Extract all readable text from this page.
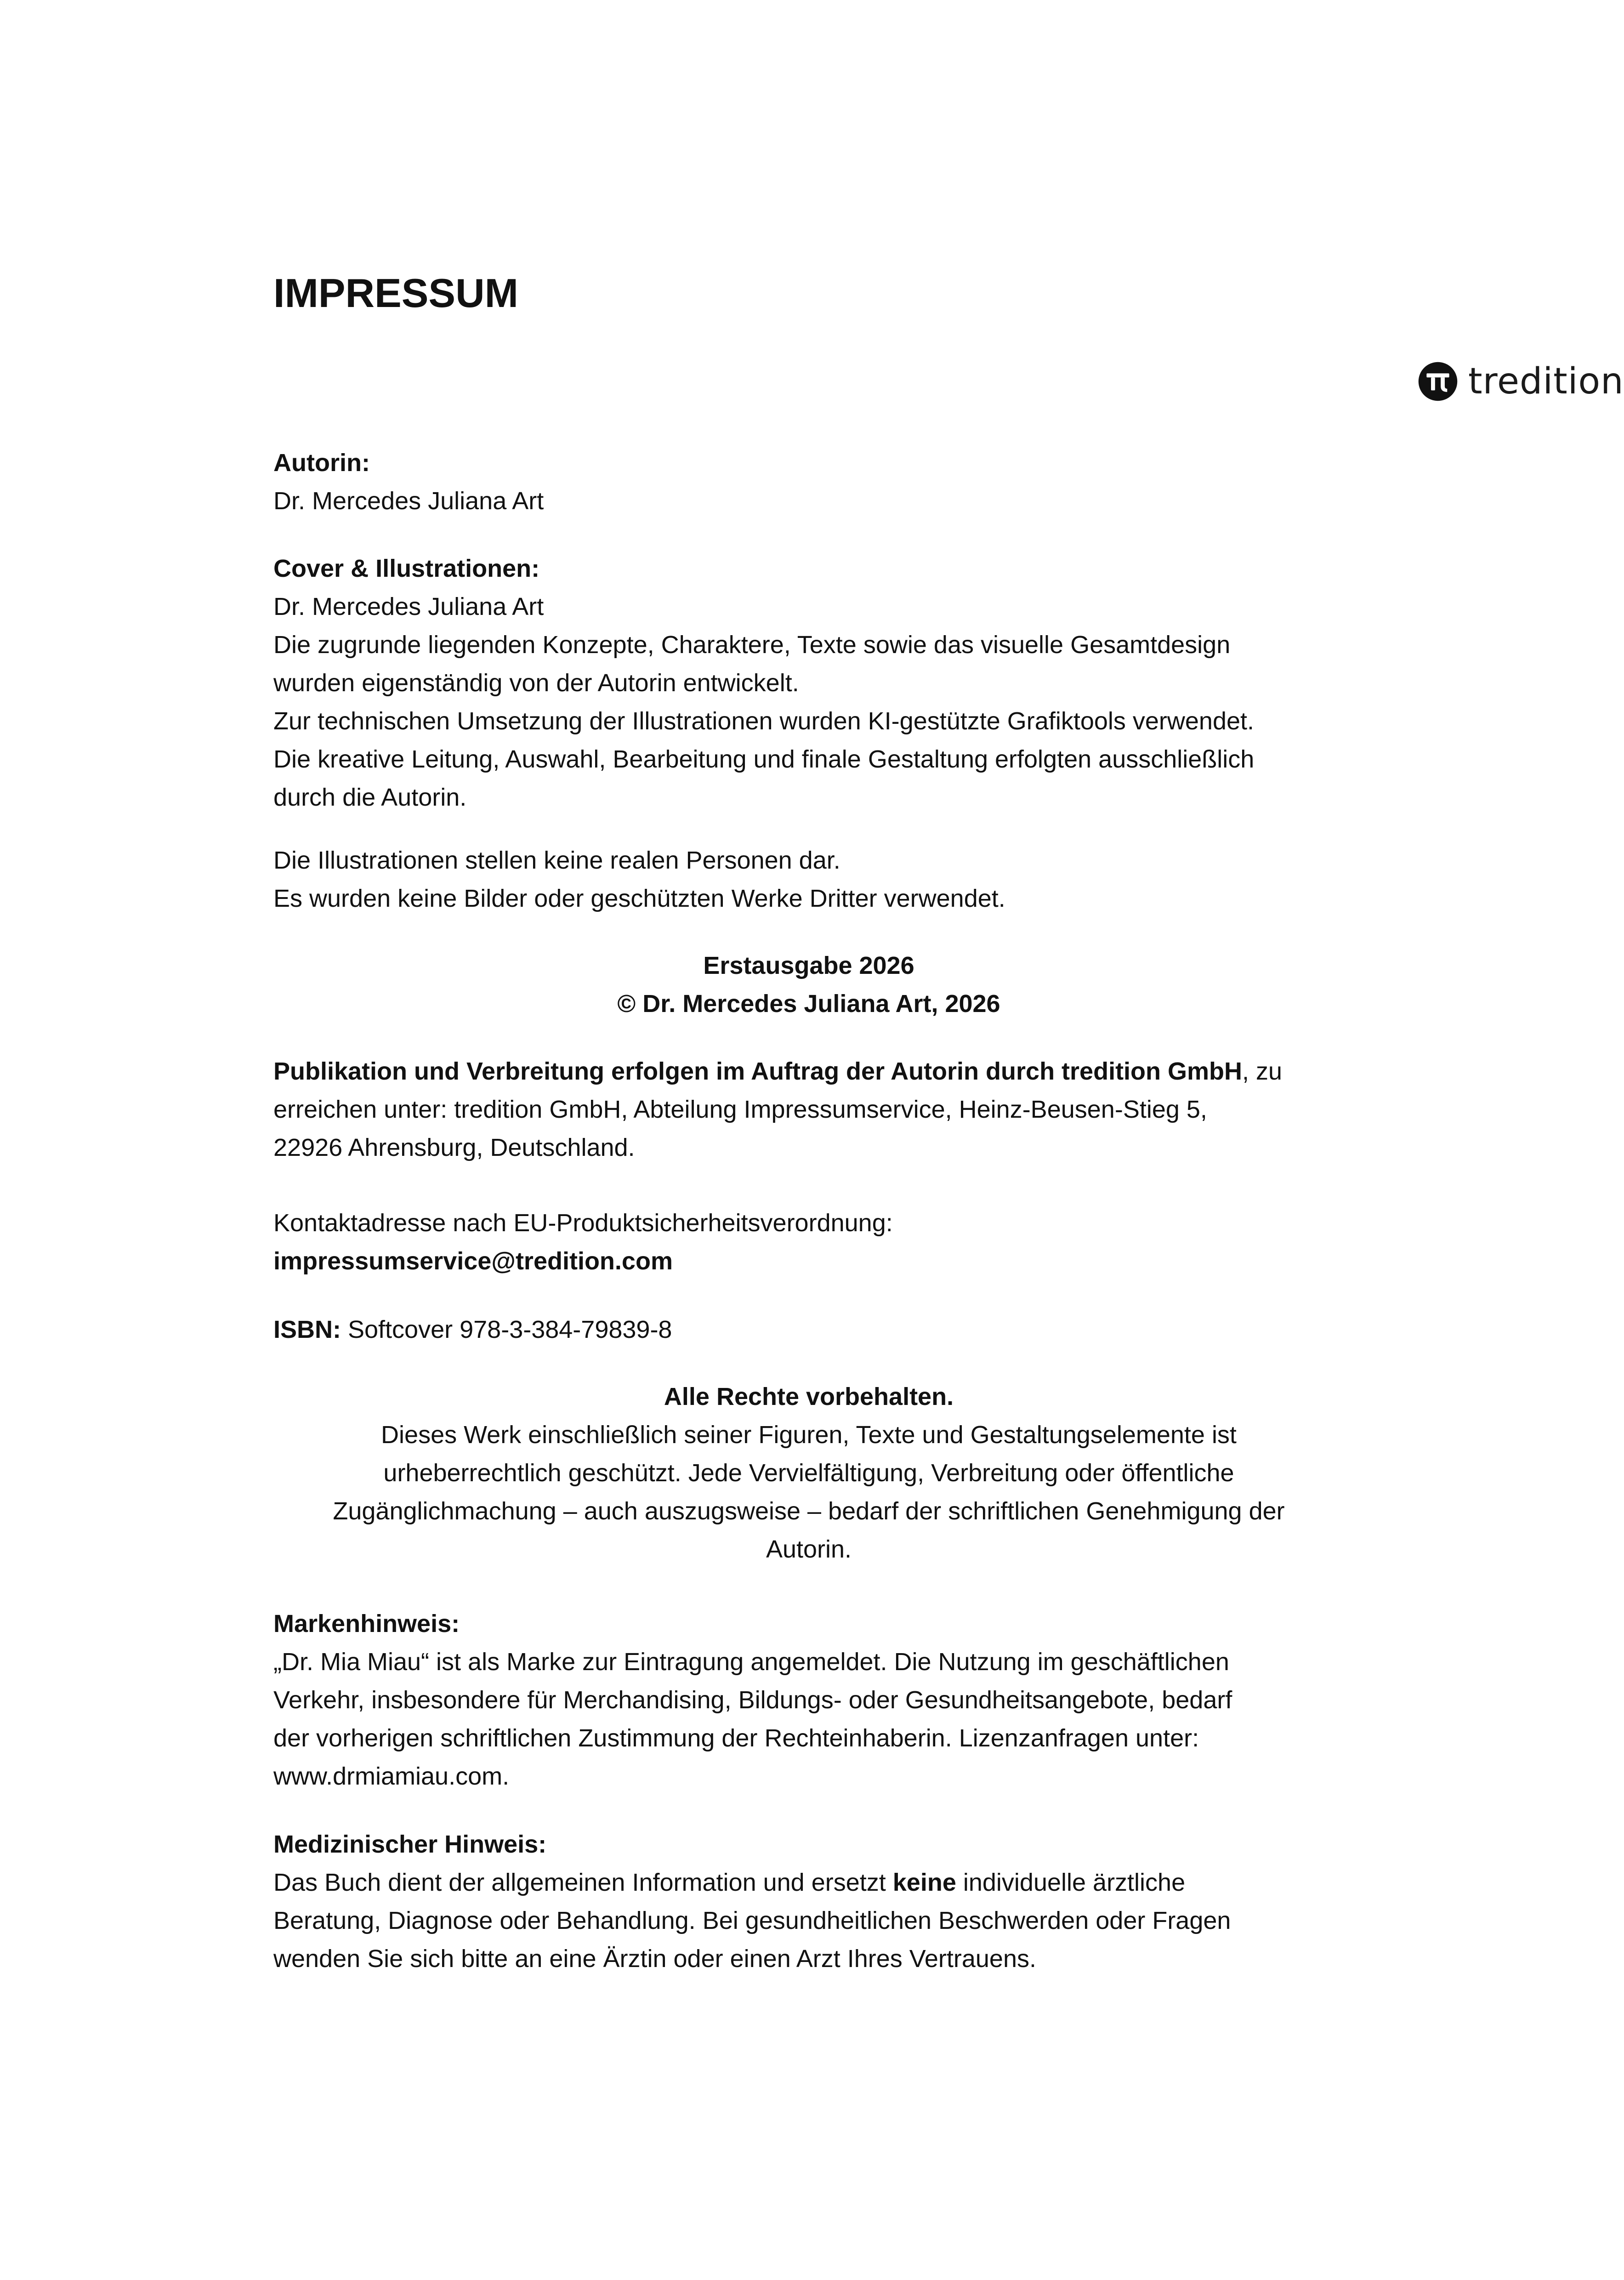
IMPRESSUM
tredition

Autorin:

Dr. Mercedes Juliana Art

Cover & Illustrationen:

Dr. Mercedes Juliana Art

Die zugrunde liegenden Konzepte, Charaktere, Texte sowie das visuelle Gesamtdesign

wurden eigenständig von der Autorin entwickelt.

Zur technischen Umsetzung der Illustrationen wurden KI-gestützte Grafiktools verwendet.

Die kreative Leitung, Auswahl, Bearbeitung und finale Gestaltung erfolgten ausschließlich

durch die Autorin.

Die Illustrationen stellen keine realen Personen dar.

Es wurden keine Bilder oder geschützten Werke Dritter verwendet.

Erstausgabe 2026

© Dr. Mercedes Juliana Art, 2026

Publikation und Verbreitung erfolgen im Auftrag der Autorin durch tredition GmbH, zu

erreichen unter: tredition GmbH, Abteilung Impressumservice, Heinz-Beusen-Stieg 5,

22926 Ahrensburg, Deutschland.

Kontaktadresse nach EU-Produktsicherheitsverordnung:

impressumservice@tredition.com

ISBN: Softcover 978-3-384-79839-8

Alle Rechte vorbehalten.

Dieses Werk einschließlich seiner Figuren, Texte und Gestaltungselemente ist

urheberrechtlich geschützt. Jede Vervielfältigung, Verbreitung oder öffentliche

Zugänglichmachung – auch auszugsweise – bedarf der schriftlichen Genehmigung der

Autorin.

Markenhinweis:

„Dr. Mia Miau“ ist als Marke zur Eintragung angemeldet. Die Nutzung im geschäftlichen

Verkehr, insbesondere für Merchandising, Bildungs- oder Gesundheitsangebote, bedarf

der vorherigen schriftlichen Zustimmung der Rechteinhaberin. Lizenzanfragen unter:

www.drmiamiau.com.

Medizinischer Hinweis:

Das Buch dient der allgemeinen Information und ersetzt keine individuelle ärztliche

Beratung, Diagnose oder Behandlung. Bei gesundheitlichen Beschwerden oder Fragen

wenden Sie sich bitte an eine Ärztin oder einen Arzt Ihres Vertrauens.
